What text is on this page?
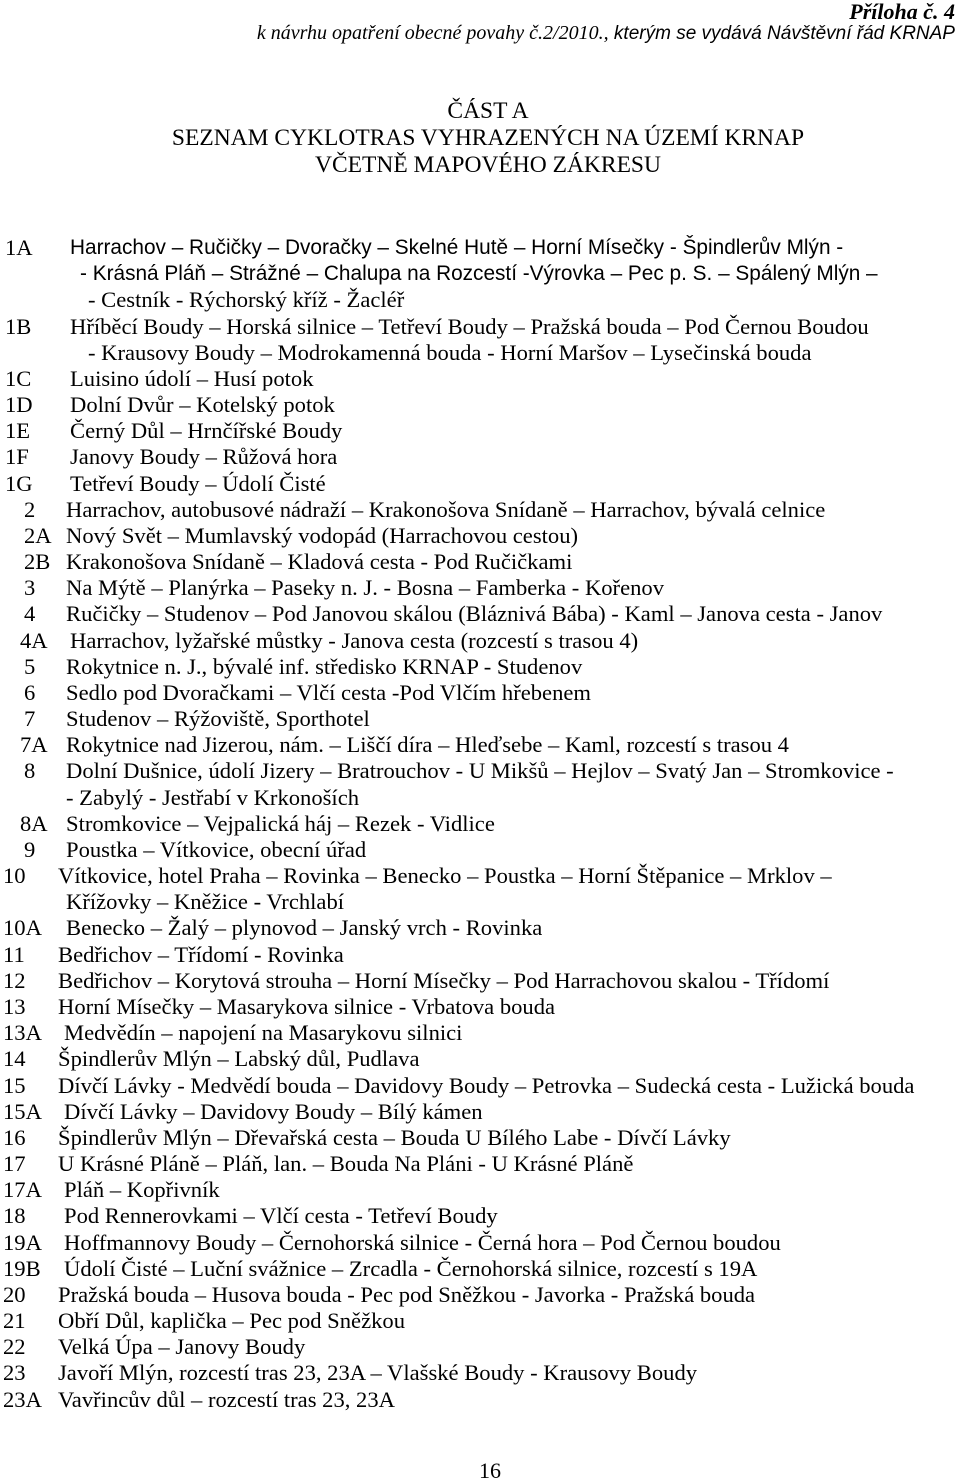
Příloha č. 4
k návrhu opatření obecné povahy č.2/2010., kterým se vydává Návštěvní řád KRNAP
ČÁST A
SEZNAM CYKLOTRAS VYHRAZENÝCH NA ÚZEMÍ KRNAP
VČETNĚ MAPOVÉHO ZÁKRESU
1A	Harrachov – Ručičky – Dvoračky – Skelné Hutě – Horní Mísečky - Špindlerův Mlýn -
- Krásná Pláň – Strážné – Chalupa na Rozcestí -Výrovka – Pec p. S. – Spálený Mlýn –
- Cestník - Rýchorský kříž - Žacléř
1B	Hříběcí Boudy – Horská silnice – Tetřeví Boudy – Pražská bouda – Pod Černou Boudou
- Krausovy Boudy – Modrokamenná bouda - Horní Maršov – Lysečinská bouda
1C	Luisino údolí – Husí potok
1D	Dolní Dvůr – Kotelský potok
1E	Černý Důl – Hrnčířské Boudy
1F	Janovy Boudy – Růžová hora
1G	Tetřeví Boudy – Údolí Čisté
2	Harrachov, autobusové nádraží – Krakonošova Snídaně – Harrachov, bývalá celnice
2A Nový Svět – Mumlavský vodopád (Harrachovou cestou)
2B Krakonošova Snídaně – Kladová cesta - Pod Ručičkami
3	Na Mýtě – Planýrka – Paseky n. J. - Bosna – Famberka - Kořenov
4	Ručičky – Studenov – Pod Janovou skálou (Bláznivá Bába) - Kaml – Janova cesta - Janov
4A Harrachov, lyžařské můstky - Janova cesta (rozcestí s trasou 4)
5	Rokytnice n. J., bývalé inf. středisko KRNAP - Studenov
6	Sedlo pod Dvoračkami – Vlčí cesta -Pod Vlčím hřebenem
7	Studenov – Rýžoviště, Sporthotel
7A Rokytnice nad Jizerou, nám. – Liščí díra – Hleďsebe – Kaml, rozcestí s trasou 4
8	Dolní Dušnice, údolí Jizery – Bratrouchov - U Mikšů – Hejlov – Svatý Jan – Stromkovice -
- Zabylý - Jestřabí v Krkonoších
8A Stromkovice – Vejpalická háj – Rezek - Vidlice
9	Poustka – Vítkovice, obecní úřad
10	Vítkovice, hotel Praha – Rovinka – Benecko – Poustka – Horní Štěpanice – Mrklov –
Křížovky – Kněžice - Vrchlabí
10A	Benecko – Žalý – plynovod – Janský vrch - Rovinka
11	Bedřichov – Třídomí - Rovinka
12	Bedřichov – Korytová strouha – Horní Mísečky – Pod Harrachovou skalou - Třídomí
13	Horní Mísečky – Masarykova silnice - Vrbatova bouda
13A Medvědín – napojení na Masarykovu silnici
14	Špindlerův Mlýn – Labský důl, Pudlava
15	Dívčí Lávky - Medvědí bouda – Davidovy Boudy – Petrovka – Sudecká cesta - Lužická bouda
15A Dívčí Lávky – Davidovy Boudy – Bílý kámen
16	Špindlerův Mlýn – Dřevařská cesta – Bouda U Bílého Labe - Dívčí Lávky
17	U Krásné Pláně – Pláň, lan. – Bouda Na Pláni - U Krásné Pláně
17A Pláň – Kopřivník
18	Pod Rennerovkami – Vlčí cesta - Tetřeví Boudy
19A Hoffmannovy Boudy – Černohorská silnice - Černá hora – Pod Černou boudou
19B	Údolí Čisté – Luční svážnice – Zrcadla - Černohorská silnice, rozcestí s 19A
20	Pražská bouda – Husova bouda - Pec pod Sněžkou - Javorka - Pražská bouda
21	Obří Důl, kaplička – Pec pod Sněžkou
22	Velká Úpa – Janovy Boudy
23	Javoří Mlýn, rozcestí tras 23, 23A – Vlašské Boudy - Krausovy Boudy
23A Vavřincův důl – rozcestí tras 23, 23A
16
